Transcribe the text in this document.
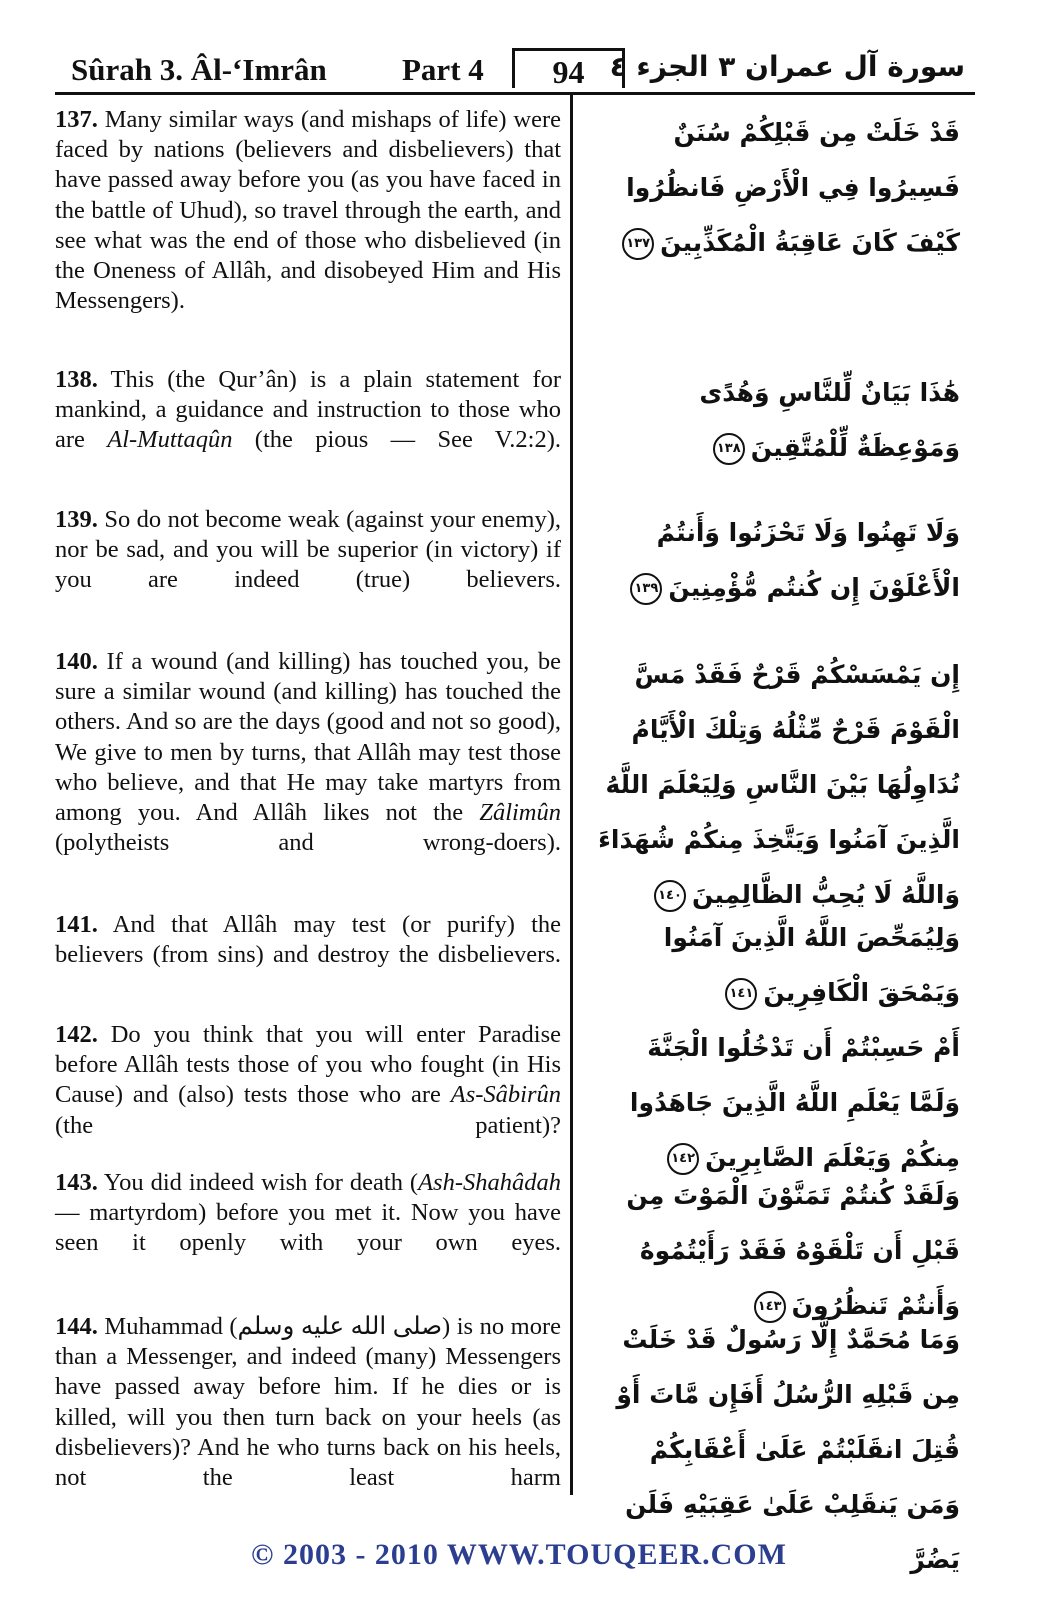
Sûrah 3. Âl-‘Imrân Part 4	94 سورة آل عمران ٣ الجزء ٤
137. Many similar ways (and mishaps of life) were faced by nations (believers and disbelievers) that have passed away before you (as you have faced in the battle of Uhud), so travel through the earth, and see what was the end of those who disbelieved (in the Oneness of Allâh, and disobeyed Him and His Messengers).
138. This (the Qur’ân) is a plain statement for mankind, a guidance and instruction to those who are Al-Muttaqûn (the pious — See V.2:2).
139. So do not become weak (against your enemy), nor be sad, and you will be superior (in victory) if you are indeed (true) believers.
140. If a wound (and killing) has touched you, be sure a similar wound (and killing) has touched the others. And so are the days (good and not so good), We give to men by turns, that Allâh may test those who believe, and that He may take martyrs from among you. And Allâh likes not the Zâlimûn (polytheists and wrong-doers).
141. And that Allâh may test (or purify) the believers (from sins) and destroy the disbelievers.
142. Do you think that you will enter Paradise before Allâh tests those of you who fought (in His Cause) and (also) tests those who are As-Sâbirûn (the patient)?
143. You did indeed wish for death (Ash-Shahâdah — martyrdom) before you met it. Now you have seen it openly with your own eyes.
144. Muhammad (صلى الله عليه وسلم) is no more than a Messenger, and indeed (many) Messengers have passed away before him. If he dies or is killed, will you then turn back on your heels (as disbelievers)? And he who turns back on his heels, not the least harm
قَدْ خَلَتْ مِن قَبْلِكُمْ سُنَنٌ فَسِيرُوا فِي الْأَرْضِ فَانظُرُوا كَيْفَ كَانَ عَاقِبَةُ الْمُكَذِّبِينَ١٣٧
هَٰذَا بَيَانٌ لِّلنَّاسِ وَهُدًى وَمَوْعِظَةٌ لِّلْمُتَّقِينَ١٣٨
وَلَا تَهِنُوا وَلَا تَحْزَنُوا وَأَنتُمُ الْأَعْلَوْنَ إِن كُنتُم مُّؤْمِنِينَ١٣٩
إِن يَمْسَسْكُمْ قَرْحٌ فَقَدْ مَسَّ الْقَوْمَ قَرْحٌ مِّثْلُهُ وَتِلْكَ الْأَيَّامُ نُدَاوِلُهَا بَيْنَ النَّاسِ وَلِيَعْلَمَ اللَّهُ الَّذِينَ آمَنُوا وَيَتَّخِذَ مِنكُمْ شُهَدَاءَ وَاللَّهُ لَا يُحِبُّ الظَّالِمِينَ١٤٠
وَلِيُمَحِّصَ اللَّهُ الَّذِينَ آمَنُوا وَيَمْحَقَ الْكَافِرِينَ١٤١
أَمْ حَسِبْتُمْ أَن تَدْخُلُوا الْجَنَّةَ وَلَمَّا يَعْلَمِ اللَّهُ الَّذِينَ جَاهَدُوا مِنكُمْ وَيَعْلَمَ الصَّابِرِينَ١٤٢
وَلَقَدْ كُنتُمْ تَمَنَّوْنَ الْمَوْتَ مِن قَبْلِ أَن تَلْقَوْهُ فَقَدْ رَأَيْتُمُوهُ وَأَنتُمْ تَنظُرُونَ١٤٣
وَمَا مُحَمَّدٌ إِلَّا رَسُولٌ قَدْ خَلَتْ مِن قَبْلِهِ الرُّسُلُ أَفَإِن مَّاتَ أَوْ قُتِلَ انقَلَبْتُمْ عَلَىٰ أَعْقَابِكُمْ وَمَن يَنقَلِبْ عَلَىٰ عَقِبَيْهِ فَلَن يَضُرَّ
© 2003 - 2010 WWW.TOUQEER.COM
